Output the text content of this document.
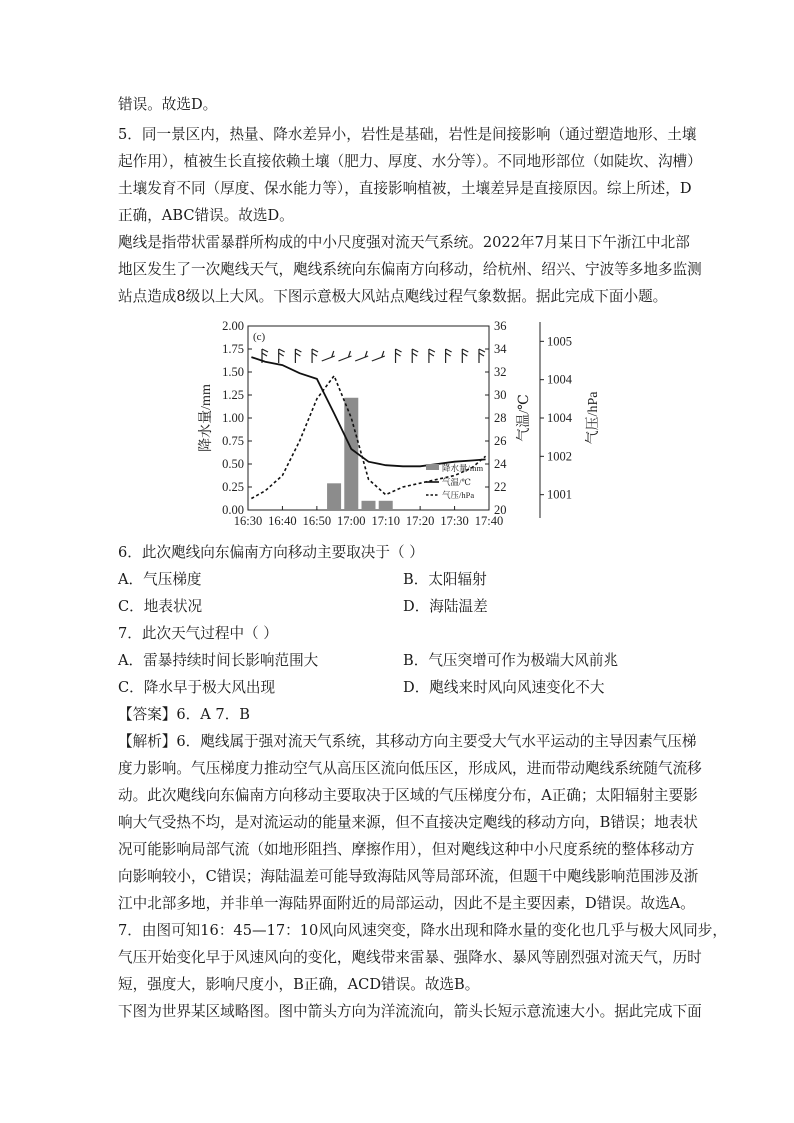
错误。故选D。
5．同一景区内，热量、降水差异小，岩性是基础，岩性是间接影响（通过塑造地形、土壤
起作用），植被生长直接依赖土壤（肥力、厚度、水分等）。不同地形部位（如陡坎、沟槽）
土壤发育不同（厚度、保水能力等），直接影响植被，土壤差异是直接原因。综上所述，D
正确，ABC错误。故选D。
飑线是指带状雷暴群所构成的中小尺度强对流天气系统。2022年7月某日下午浙江中北部
地区发生了一次飑线天气，飑线系统向东偏南方向移动，给杭州、绍兴、宁波等多地多监测
站点造成8级以上大风。下图示意极大风站点飑线过程气象数据。据此完成下面小题。
0.00
0.25
0.50
0.75
1.00
1.25
1.50
1.75
2.00
降水量/mm
20
22
24
26
28
30
32
34
36
气温/℃
1001
1002
1004
1004
1005
气压/hPa
16:30 16:40 16:50 17:00 17:10 17:20 17:30 17:40
(c)
降水量/mm
气温/℃
气压/hPa
6．此次飑线向东偏南方向移动主要取决于（ ）
A．气压梯度	B．太阳辐射
C．地表状况	D．海陆温差
7．此次天气过程中（ ）
A．雷暴持续时间长影响范围大	B．气压突增可作为极端大风前兆
C．降水早于极大风出现	D．飑线来时风向风速变化不大
【答案】6．A 7．B
【解析】6．飑线属于强对流天气系统，其移动方向主要受大气水平运动的主导因素气压梯
度力影响。气压梯度力推动空气从高压区流向低压区，形成风，进而带动飑线系统随气流移
动。此次飑线向东偏南方向移动主要取决于区域的气压梯度分布，A正确；太阳辐射主要影
响大气受热不均，是对流运动的能量来源，但不直接决定飑线的移动方向，B错误；地表状
况可能影响局部气流（如地形阻挡、摩擦作用），但对飑线这种中小尺度系统的整体移动方
向影响较小，C错误；海陆温差可能导致海陆风等局部环流，但题干中飑线影响范围涉及浙
江中北部多地，并非单一海陆界面附近的局部运动，因此不是主要因素，D错误。故选A。
7．由图可知16：45—17：10风向风速突变，降水出现和降水量的变化也几乎与极大风同步，
气压开始变化早于风速风向的变化，飑线带来雷暴、强降水、暴风等剧烈强对流天气，历时
短，强度大，影响尺度小，B正确，ACD错误。故选B。
下图为世界某区域略图。图中箭头方向为洋流流向，箭头长短示意流速大小。据此完成下面
